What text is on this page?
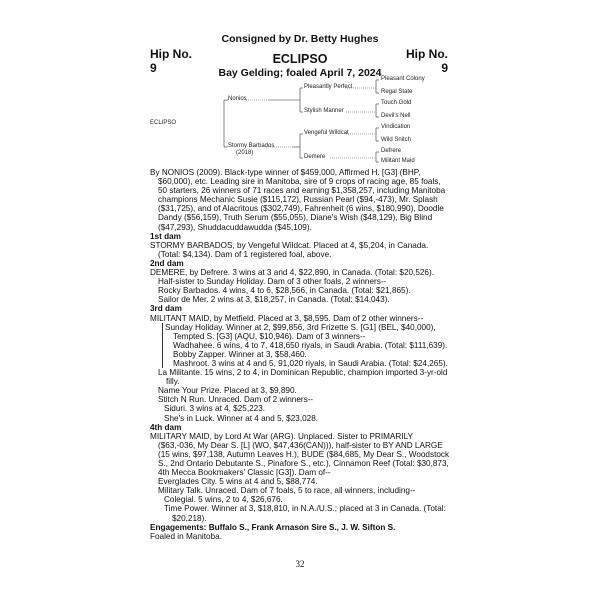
Consigned by Dr. Betty Hughes
Hip No.
9
Hip No.
9
ECLIPSO
Bay Gelding; foaled April 7, 2024
ECLIPSO
Nonios
Stormy Barbados
(2018)
Pleasantly Perfect
Stylish Manner
Vengeful Wildcat
Demere
Pleasant Colony
Regal State
Touch Gold
Devil's Nell
Vindication
Wild Snitch
Defrere
Militant Maid

By NONIOS (2009). Black-type winner of $459,000, Affirmed H. [G3] (BHP, $60,000), etc. Leading sire in Manitoba, sire of 9 crops of racing age, 85 foals, 50 starters, 26 winners of 71 races and earning $1,358,257, including Manitoba champions Mechanic Susie ($115,172), Russian Pearl ($94,-473), Mr. Splash ($31,725), and of Alacritous ($302,749), Fahrenheit (6 wins, $180,990), Doodle Dandy ($56,159), Truth Serum ($55,055), Diane's Wish ($48,129), Big Blind ($47,293), Shuddacuddawudda ($45,109).

1st dam

STORMY BARBADOS, by Vengeful Wildcat. Placed at 4, $5,204, in Canada. (Total: $4,134). Dam of 1 registered foal, above.

2nd dam

DEMERE, by Defrere. 3 wins at 3 and 4, $22,890, in Canada. (Total: $20,526). Half-sister to Sunday Holiday. Dam of 3 other foals, 2 winners--

Rocky Barbados. 4 wins, 4 to 6, $28,566, in Canada. (Total: $21,865).

Sailor de Mer. 2 wins at 3, $18,257, in Canada. (Total: $14,043).

3rd dam

MILITANT MAID, by Metfield. Placed at 3, $8,595. Dam of 2 other winners--

Sunday Holiday. Winner at 2, $99,856, 3rd Frizette S. [G1] (BEL, $40,000), Tempted S. [G3] (AQU, $10,946). Dam of 3 winners--

Wadhahee. 6 wins, 4 to 7, 418,650 riyals, in Saudi Arabia. (Total: $111,639).

Bobby Zapper. Winner at 3, $58,460.

Mashroot. 3 wins at 4 and 5, 91,020 riyals, in Saudi Arabia. (Total: $24,265).

La Militante. 15 wins, 2 to 4, in Dominican Republic, champion imported 3-yr-old filly.

Name Your Prize. Placed at 3, $9,890.

Stitch N Run. Unraced. Dam of 2 winners--

Siduri. 3 wins at 4, $25,223.

She's in Luck. Winner at 4 and 5, $23,028.

4th dam

MILITARY MAID, by Lord At War (ARG). Unplaced. Sister to PRIMARILY ($63,-036, My Dear S. [L] (WO, $47,436(CAN))), half-sister to BY AND LARGE (15 wins, $97,138, Autumn Leaves H.), BUDE ($84,685, My Dear S., Woodstock S., 2nd Ontario Debutante S., Pinafore S., etc.), Cinnamon Reef (Total: $30,873, 4th Mecca Bookmakers' Classic [G3]). Dam of--

Everglades City. 5 wins at 4 and 5, $88,774.

Military Talk. Unraced. Dam of 7 foals, 5 to race, all winners, including--

Colegial. 5 wins, 2 to 4, $26,676.

Time Power. Winner at 3, $18,810, in N.A./U.S.; placed at 3 in Canada. (Total: $20,218).

Engagements: Buffalo S., Frank Arnason Sire S., J. W. Sifton S.

Foaled in Manitoba.

32
